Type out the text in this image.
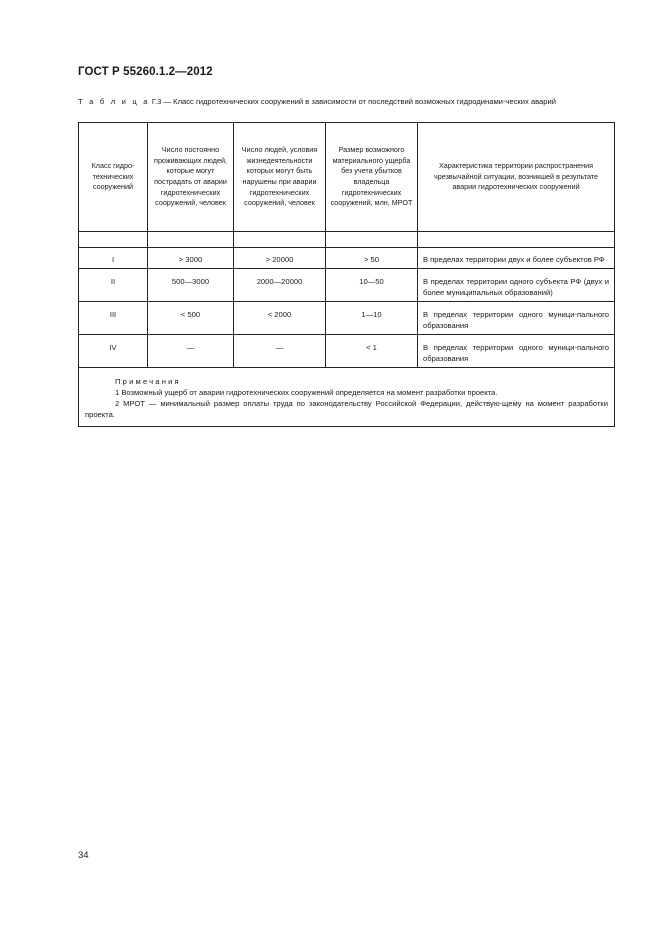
ГОСТ Р 55260.1.2—2012
Т а б л и ц а Г.3 — Класс гидротехнических сооружений в зависимости от последствий возможных гидродинами-ческих аварий
Класс гидро-технических сооружений	Число постоянно проживающих людей, которые могут пострадать от аварии гидротехнических сооружений, человек	Число людей, условия жизнедеятельности которых могут быть нарушены при аварии гидротехнических сооружений, человек	Размер возможного материального ущерба без учета убытков владельца гидротехнических сооружений, млн, МРОТ	Характеристика территории распространения чрезвычайной ситуации, возникшей в результате аварии гидротехнических сооружений

I	> 3000	> 20000	> 50	В пределах территории двух и более субъектов РФ
II	500—3000	2000—20000	10—50	В пределах территории одного субъекта РФ (двух и более муниципальных образований)
III	< 500	< 2000	1—10	В пределах территории одного муници-пального образования
IV	—	—	< 1	В пределах территории одного муници-пального образования

Примечания
1 Возможный ущерб от аварии гидротехнических сооружений определяется на момент разработки проекта.
2 МРОТ — минимальный размер оплаты труда по законодательству Российской Федерации, действую-щему на момент разработки проекта.				
34
